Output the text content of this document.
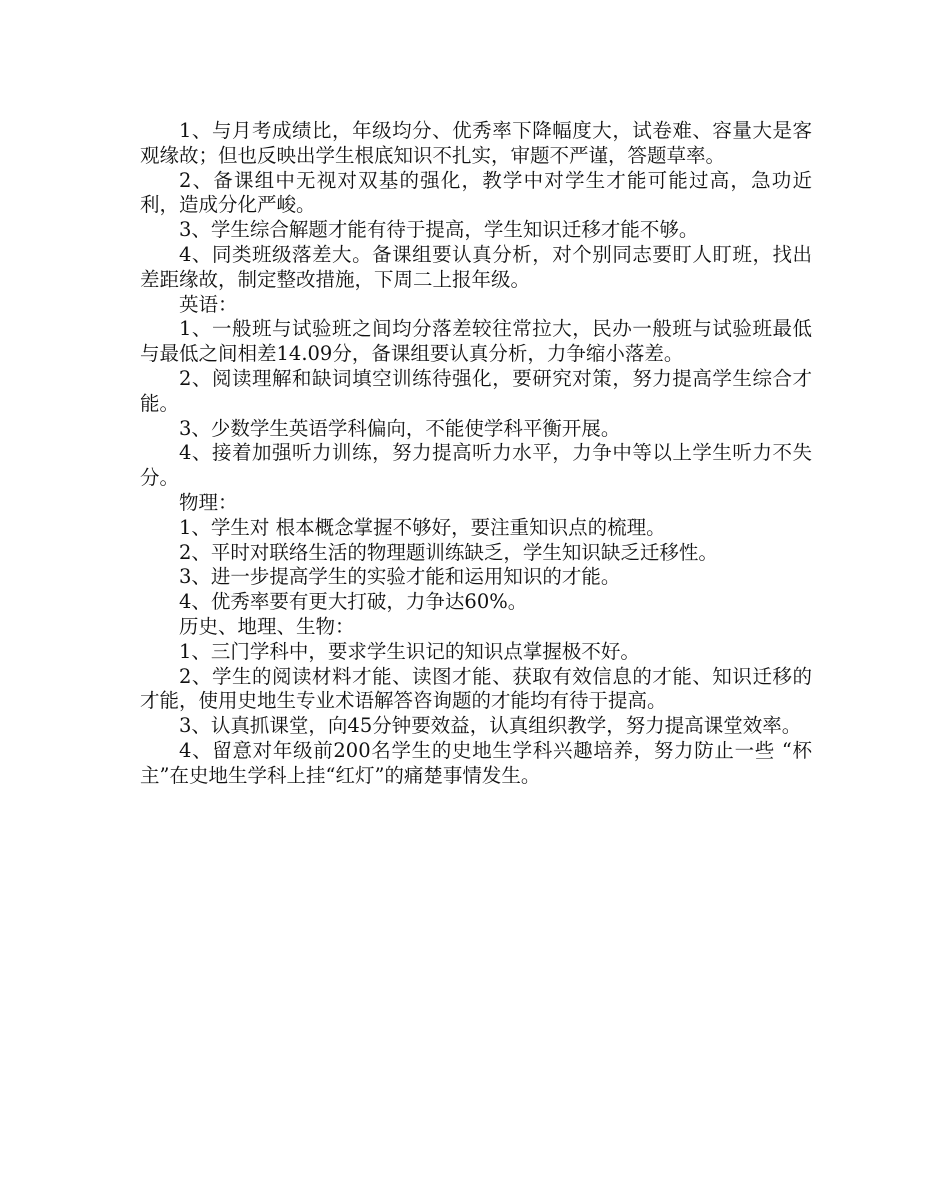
1、与月考成绩比，年级均分、优秀率下降幅度大，试卷难、容量大是客观缘故；但也反映出学生根底知识不扎实，审题不严谨，答题草率。

2、备课组中无视对双基的强化，教学中对学生才能可能过高，急功近利，造成分化严峻。

3、学生综合解题才能有待于提高，学生知识迁移才能不够。

4、同类班级落差大。备课组要认真分析，对个别同志要盯人盯班，找出差距缘故，制定整改措施，下周二上报年级。

英语：

1、一般班与试验班之间均分落差较往常拉大，民办一般班与试验班最低与最低之间相差14.09分，备课组要认真分析，力争缩小落差。

2、阅读理解和缺词填空训练待强化，要研究对策，努力提高学生综合才能。

3、少数学生英语学科偏向，不能使学科平衡开展。

4、接着加强听力训练，努力提高听力水平，力争中等以上学生听力不失分。

物理：

1、学生对 根本概念掌握不够好，要注重知识点的梳理。

2、平时对联络生活的物理题训练缺乏，学生知识缺乏迁移性。

3、进一步提高学生的实验才能和运用知识的才能。

4、优秀率要有更大打破，力争达60%。

历史、地理、生物：

1、三门学科中，要求学生识记的知识点掌握极不好。

2、学生的阅读材料才能、读图才能、获取有效信息的才能、知识迁移的才能，使用史地生专业术语解答咨询题的才能均有待于提高。

3、认真抓课堂，向45分钟要效益，认真组织教学，努力提高课堂效率。

4、留意对年级前200名学生的史地生学科兴趣培养，努力防止一些 “杯主”在史地生学科上挂“红灯”的痛楚事情发生。
